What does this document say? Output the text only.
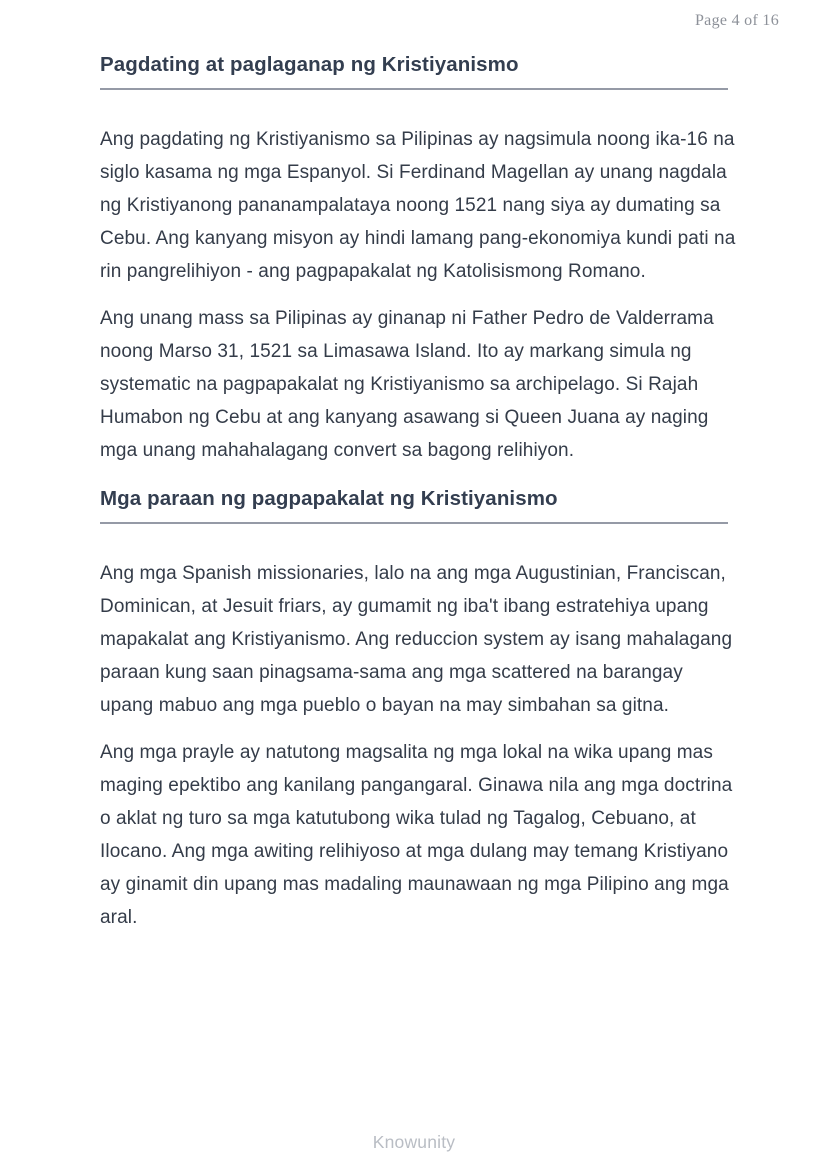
Page 4 of 16
Pagdating at paglaganap ng Kristiyanismo

Ang pagdating ng Kristiyanismo sa Pilipinas ay nagsimula noong ika-16 na siglo kasama ng mga Espanyol. Si Ferdinand Magellan ay unang nagdala ng Kristiyanong pananampalataya noong 1521 nang siya ay dumating sa Cebu. Ang kanyang misyon ay hindi lamang pang-ekonomiya kundi pati na rin pangrelihiyon - ang pagpapakalat ng Katolisismong Romano.

Ang unang mass sa Pilipinas ay ginanap ni Father Pedro de Valderrama noong Marso 31, 1521 sa Limasawa Island. Ito ay markang simula ng systematic na pagpapakalat ng Kristiyanismo sa archipelago. Si Rajah Humabon ng Cebu at ang kanyang asawang si Queen Juana ay naging mga unang mahahalagang convert sa bagong relihiyon.

Mga paraan ng pagpapakalat ng Kristiyanismo

Ang mga Spanish missionaries, lalo na ang mga Augustinian, Franciscan, Dominican, at Jesuit friars, ay gumamit ng iba't ibang estratehiya upang mapakalat ang Kristiyanismo. Ang reduccion system ay isang mahalagang paraan kung saan pinagsama-sama ang mga scattered na barangay upang mabuo ang mga pueblo o bayan na may simbahan sa gitna.

Ang mga prayle ay natutong magsalita ng mga lokal na wika upang mas maging epektibo ang kanilang pangangaral. Ginawa nila ang mga doctrina o aklat ng turo sa mga katutubong wika tulad ng Tagalog, Cebuano, at Ilocano. Ang mga awiting relihiyoso at mga dulang may temang Kristiyano ay ginamit din upang mas madaling maunawaan ng mga Pilipino ang mga aral.

Knowunity
